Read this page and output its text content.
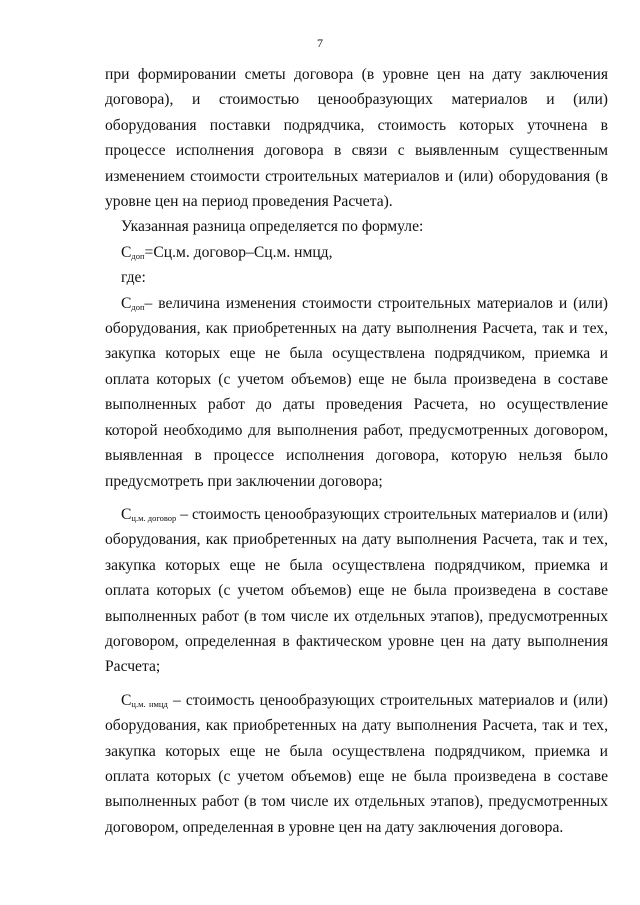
7

при формировании сметы договора (в уровне цен на дату заключения договора), и стоимостью ценообразующих материалов и (или) оборудования поставки подрядчика, стоимость которых уточнена в процессе исполнения договора в связи с выявленным существенным изменением стоимости строительных материалов и (или) оборудования (в уровне цен на период проведения Расчета).

Указанная разница определяется по формуле:

$С_{доп}=Сц.м$. договор–Сц.м. нмцд,

где:

$С_{доп}-$ величина изменения стоимости строительных материалов и (или) оборудования, как приобретенных на дату выполнения Расчета, так и тех, закупка которых еще не была осуществлена подрядчиком, приемка и оплата которых (с учетом объемов) еще не была произведена в составе выполненных работ до даты проведения Расчета, но осуществление которой необходимо для выполнения работ, предусмотренных договором, выявленная в процессе исполнения договора, которую нельзя было предусмотреть при заключении договора;

$С_{ц.м. договор}$ – стоимость ценообразующих строительных материалов и (или) оборудования, как приобретенных на дату выполнения Расчета, так и тех, закупка которых еще не была осуществлена подрядчиком, приемка и оплата которых (с учетом объемов) еще не была произведена в составе выполненных работ (в том числе их отдельных этапов), предусмотренных договором, определенная в фактическом уровне цен на дату выполнения Расчета;

$С_{ц.м. нмцд}$ – стоимость ценообразующих строительных материалов и (или) оборудования, как приобретенных на дату выполнения Расчета, так и тех, закупка которых еще не была осуществлена подрядчиком, приемка и оплата которых (с учетом объемов) еще не была произведена в составе выполненных работ (в том числе их отдельных этапов), предусмотренных договором, определенная в уровне цен на дату заключения договора.
